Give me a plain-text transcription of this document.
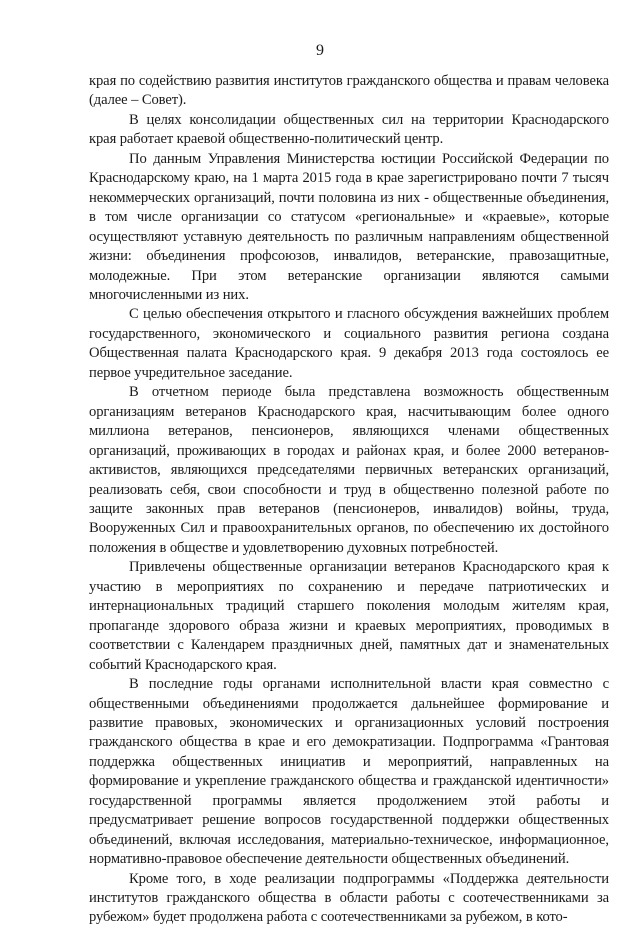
9

края по содействию развития институтов гражданского общества и правам человека (далее – Совет).

В целях консолидации общественных сил на территории Краснодарского края работает краевой общественно-политический центр.

По данным Управления Министерства юстиции Российской Федерации по Краснодарскому краю, на 1 марта 2015 года в крае зарегистрировано почти 7 тысяч некоммерческих организаций, почти половина из них - общественные объединения, в том числе организации со статусом «региональные» и «краевые», которые осуществляют уставную деятельность по различным направлениям общественной жизни: объединения профсоюзов, инвалидов, ветеранские, правозащитные, молодежные. При этом ветеранские организации являются самыми многочисленными из них.

С целью обеспечения открытого и гласного обсуждения важнейших проблем государственного, экономического и социального развития региона создана Общественная палата Краснодарского края. 9 декабря 2013 года состоялось ее первое учредительное заседание.

В отчетном периоде была представлена возможность общественным организациям ветеранов Краснодарского края, насчитывающим более одного миллиона ветеранов, пенсионеров, являющихся членами общественных организаций, проживающих в городах и районах края, и более 2000 ветеранов-активистов, являющихся председателями первичных ветеранских организаций, реализовать себя, свои способности и труд в общественно полезной работе по защите законных прав ветеранов (пенсионеров, инвалидов) войны, труда, Вооруженных Сил и правоохранительных органов, по обеспечению их достойного положения в обществе и удовлетворению духовных потребностей.

Привлечены общественные организации ветеранов Краснодарского края к участию в мероприятиях по сохранению и передаче патриотических и интернациональных традиций старшего поколения молодым жителям края, пропаганде здорового образа жизни и краевых мероприятиях, проводимых в соответствии с Календарем праздничных дней, памятных дат и знаменательных событий Краснодарского края.

В последние годы органами исполнительной власти края совместно с общественными объединениями продолжается дальнейшее формирование и развитие правовых, экономических и организационных условий построения гражданского общества в крае и его демократизации. Подпрограмма «Грантовая поддержка общественных инициатив и мероприятий, направленных на формирование и укрепление гражданского общества и гражданской идентичности» государственной программы является продолжением этой работы и предусматривает решение вопросов государственной поддержки общественных объединений, включая исследования, материально-техническое, информационное, нормативно-правовое обеспечение деятельности общественных объединений.

Кроме того, в ходе реализации подпрограммы «Поддержка деятельности институтов гражданского общества в области работы с соотечественниками за рубежом» будет продолжена работа с соотечественниками за рубежом, в кото-
